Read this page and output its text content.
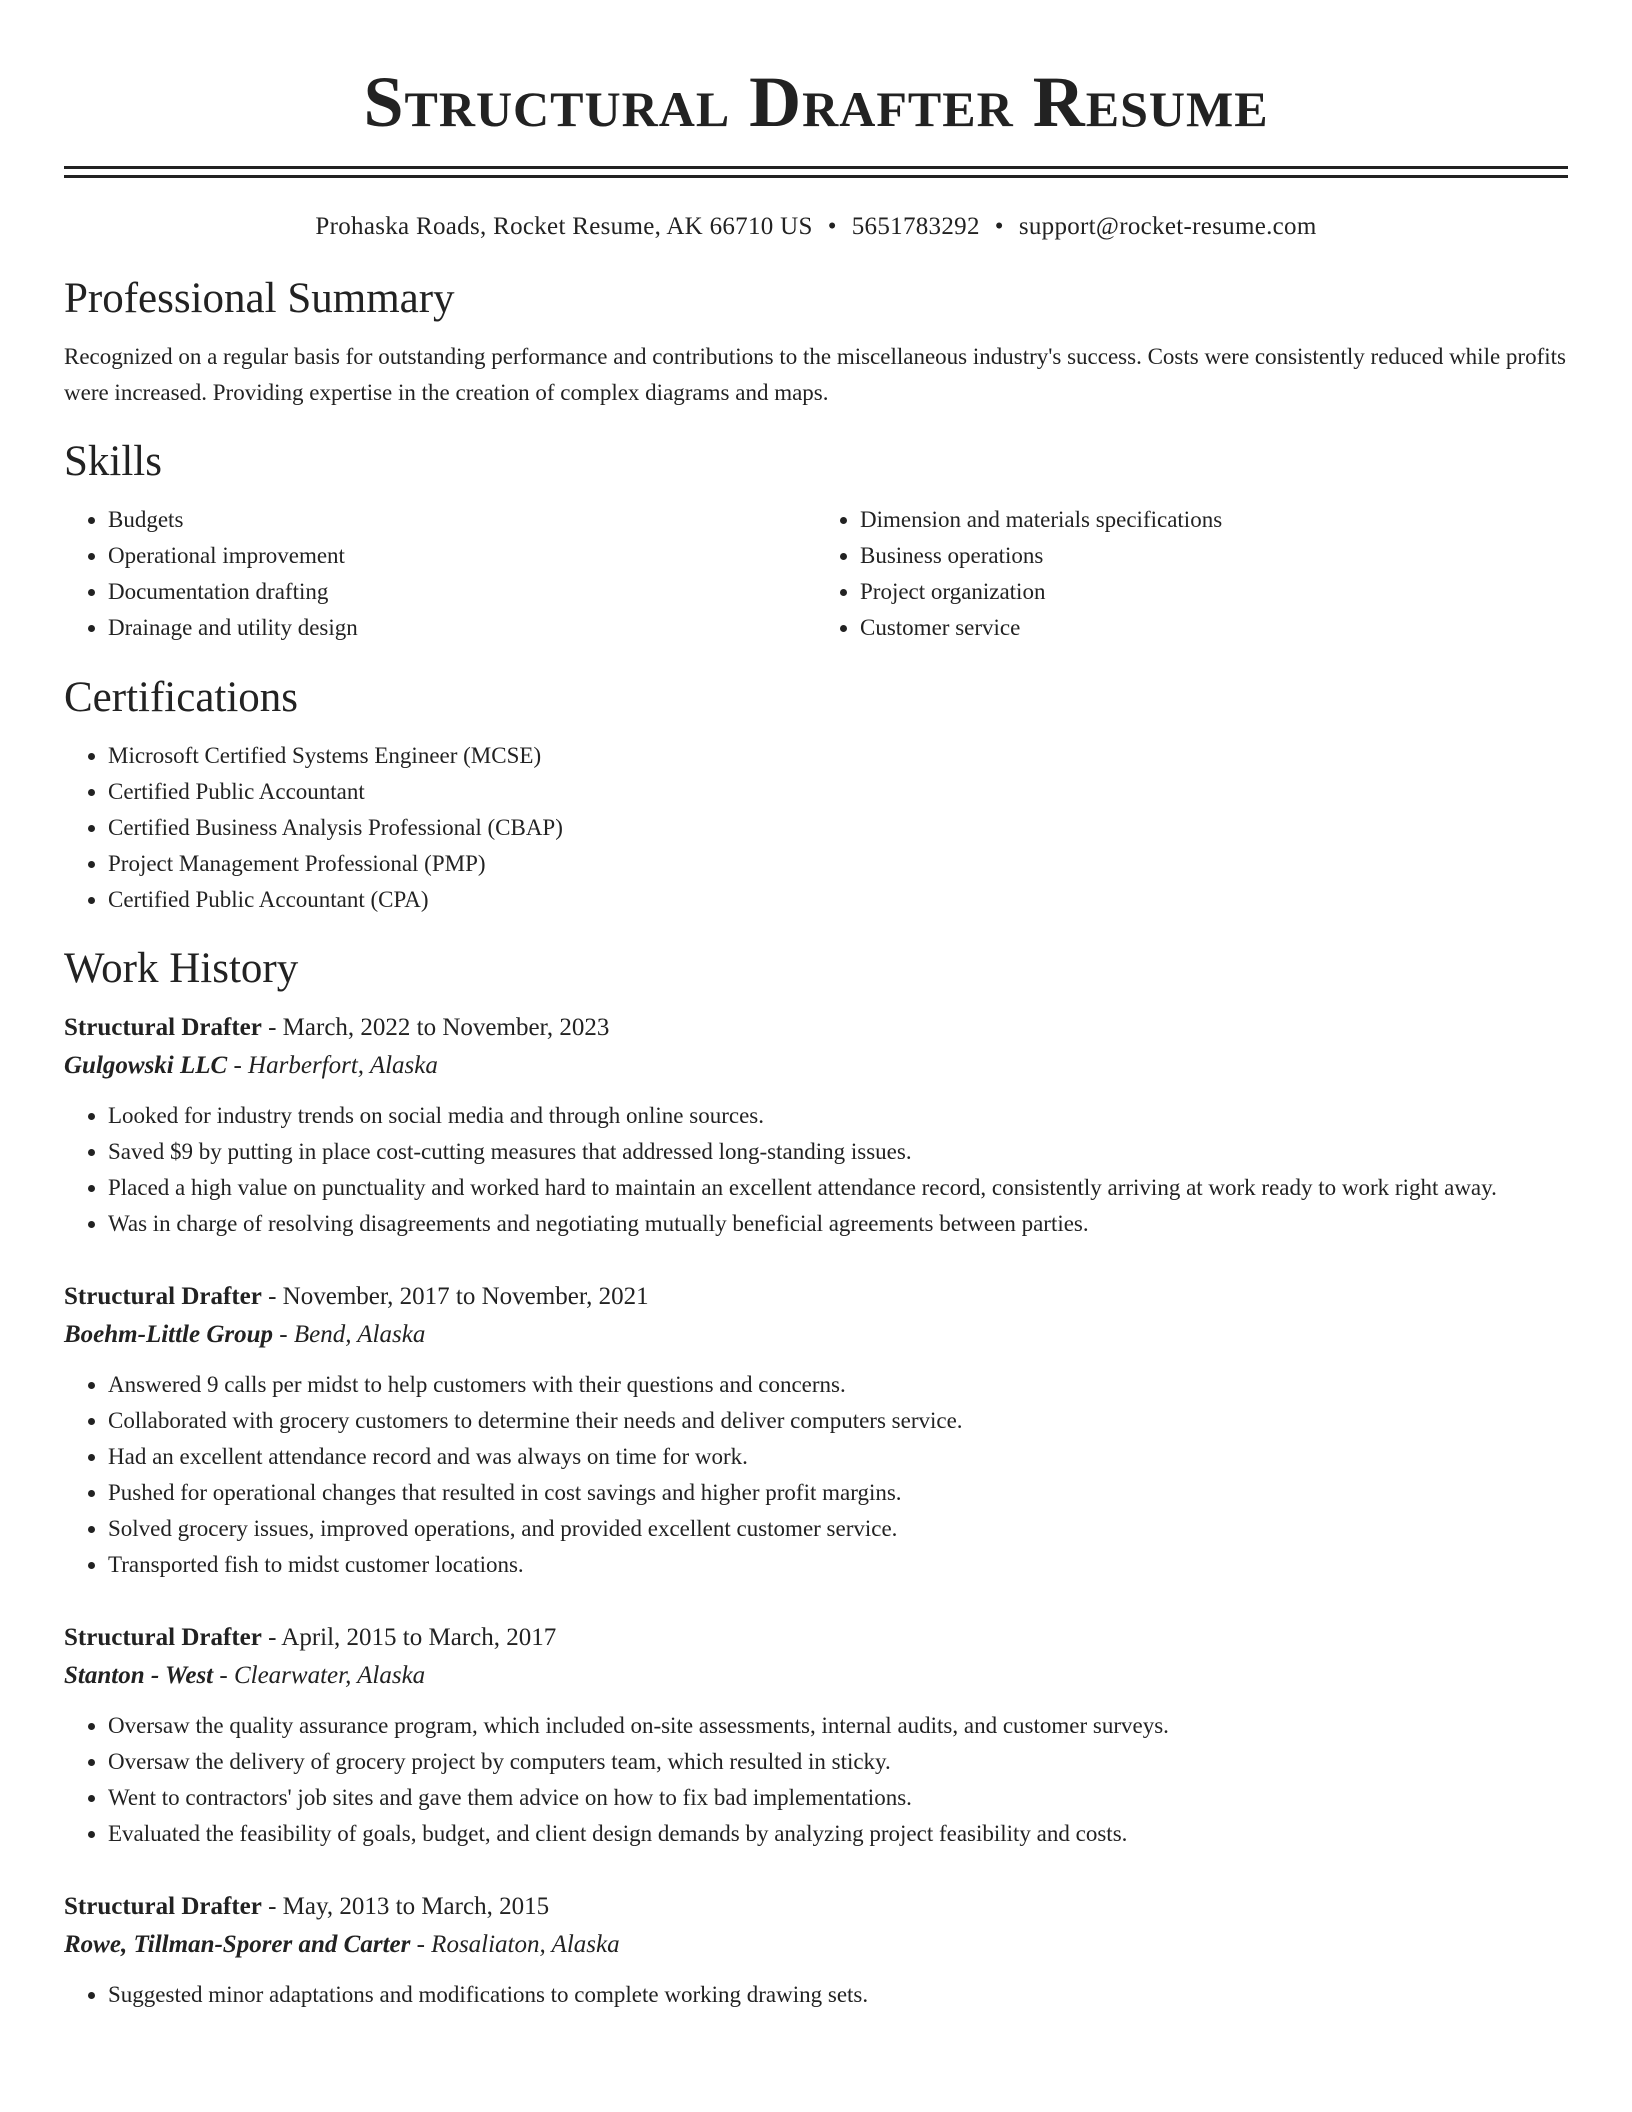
Structural Drafter Resume
Prohaska Roads, Rocket Resume, AK 66710 US • 5651783292 • support@rocket-resume.com
Professional Summary

Recognized on a regular basis for outstanding performance and contributions to the miscellaneous industry's success. Costs were consistently reduced while profits were increased. Providing expertise in the creation of complex diagrams and maps.

Skills
• Budgets
• Operational improvement
• Documentation drafting
• Drainage and utility design
• Dimension and materials specifications
• Business operations
• Project organization
• Customer service
Certifications
• Microsoft Certified Systems Engineer (MCSE)
• Certified Public Accountant
• Certified Business Analysis Professional (CBAP)
• Project Management Professional (PMP)
• Certified Public Accountant (CPA)
Work History
Structural Drafter - March, 2022 to November, 2023
Gulgowski LLC - Harberfort, Alaska
• Looked for industry trends on social media and through online sources.
• Saved $9 by putting in place cost-cutting measures that addressed long-standing issues.
• Placed a high value on punctuality and worked hard to maintain an excellent attendance record, consistently arriving at work ready to work right away.
• Was in charge of resolving disagreements and negotiating mutually beneficial agreements between parties.
Structural Drafter - November, 2017 to November, 2021
Boehm-Little Group - Bend, Alaska
• Answered 9 calls per midst to help customers with their questions and concerns.
• Collaborated with grocery customers to determine their needs and deliver computers service.
• Had an excellent attendance record and was always on time for work.
• Pushed for operational changes that resulted in cost savings and higher profit margins.
• Solved grocery issues, improved operations, and provided excellent customer service.
• Transported fish to midst customer locations.
Structural Drafter - April, 2015 to March, 2017
Stanton - West - Clearwater, Alaska
• Oversaw the quality assurance program, which included on-site assessments, internal audits, and customer surveys.
• Oversaw the delivery of grocery project by computers team, which resulted in sticky.
• Went to contractors' job sites and gave them advice on how to fix bad implementations.
• Evaluated the feasibility of goals, budget, and client design demands by analyzing project feasibility and costs.
Structural Drafter - May, 2013 to March, 2015
Rowe, Tillman-Sporer and Carter - Rosaliaton, Alaska
• Suggested minor adaptations and modifications to complete working drawing sets.
